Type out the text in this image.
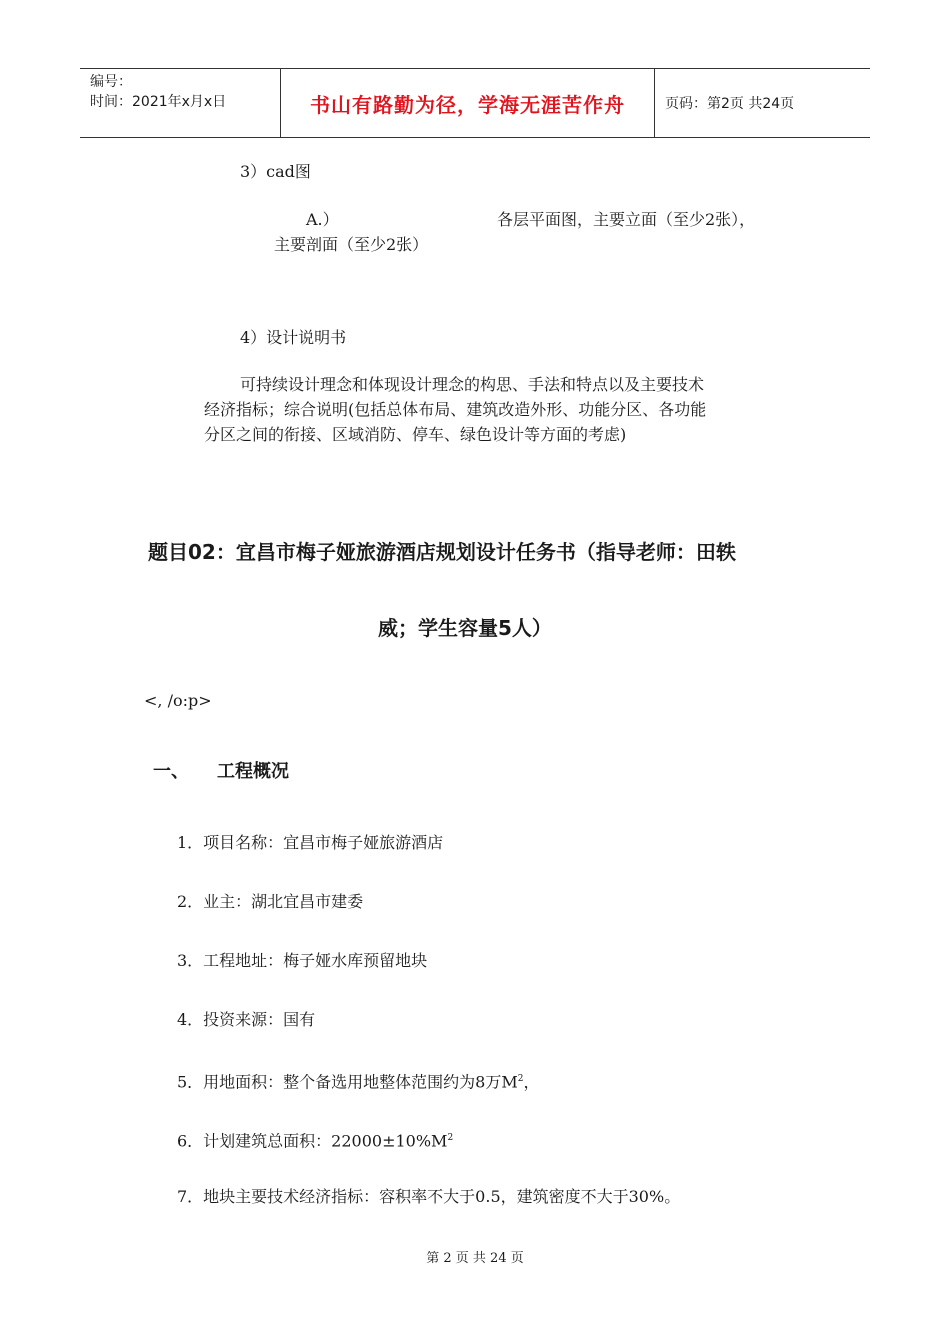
编号：
时间：2021年x月x日	书山有路勤为径，学海无涯苦作舟	页码：第2页 共24页
3）cad图
A.）	各层平面图，主要立面（至少2张），
主要剖面（至少2张）
4）设计说明书
可持续设计理念和体现设计理念的构思、手法和特点以及主要技术
经济指标；综合说明(包括总体布局、建筑改造外形、功能分区、各功能
分区之间的衔接、区域消防、停车、绿色设计等方面的考虑)
题目02：宜昌市梅子娅旅游酒店规划设计任务书（指导老师：田轶
威；学生容量5人）
<, /o:p>
一、 工程概况
1．项目名称：宜昌市梅子娅旅游酒店
2．业主：湖北宜昌市建委
3．工程地址：梅子娅水库预留地块
4．投资来源：国有
5．用地面积：整个备选用地整体范围约为8万$M^2$，
6．计划建筑总面积：$22000\pm 10\%M^2$
7．地块主要技术经济指标：容积率不大于0.5，建筑密度不大于30%。
第 2 页 共 24 页
